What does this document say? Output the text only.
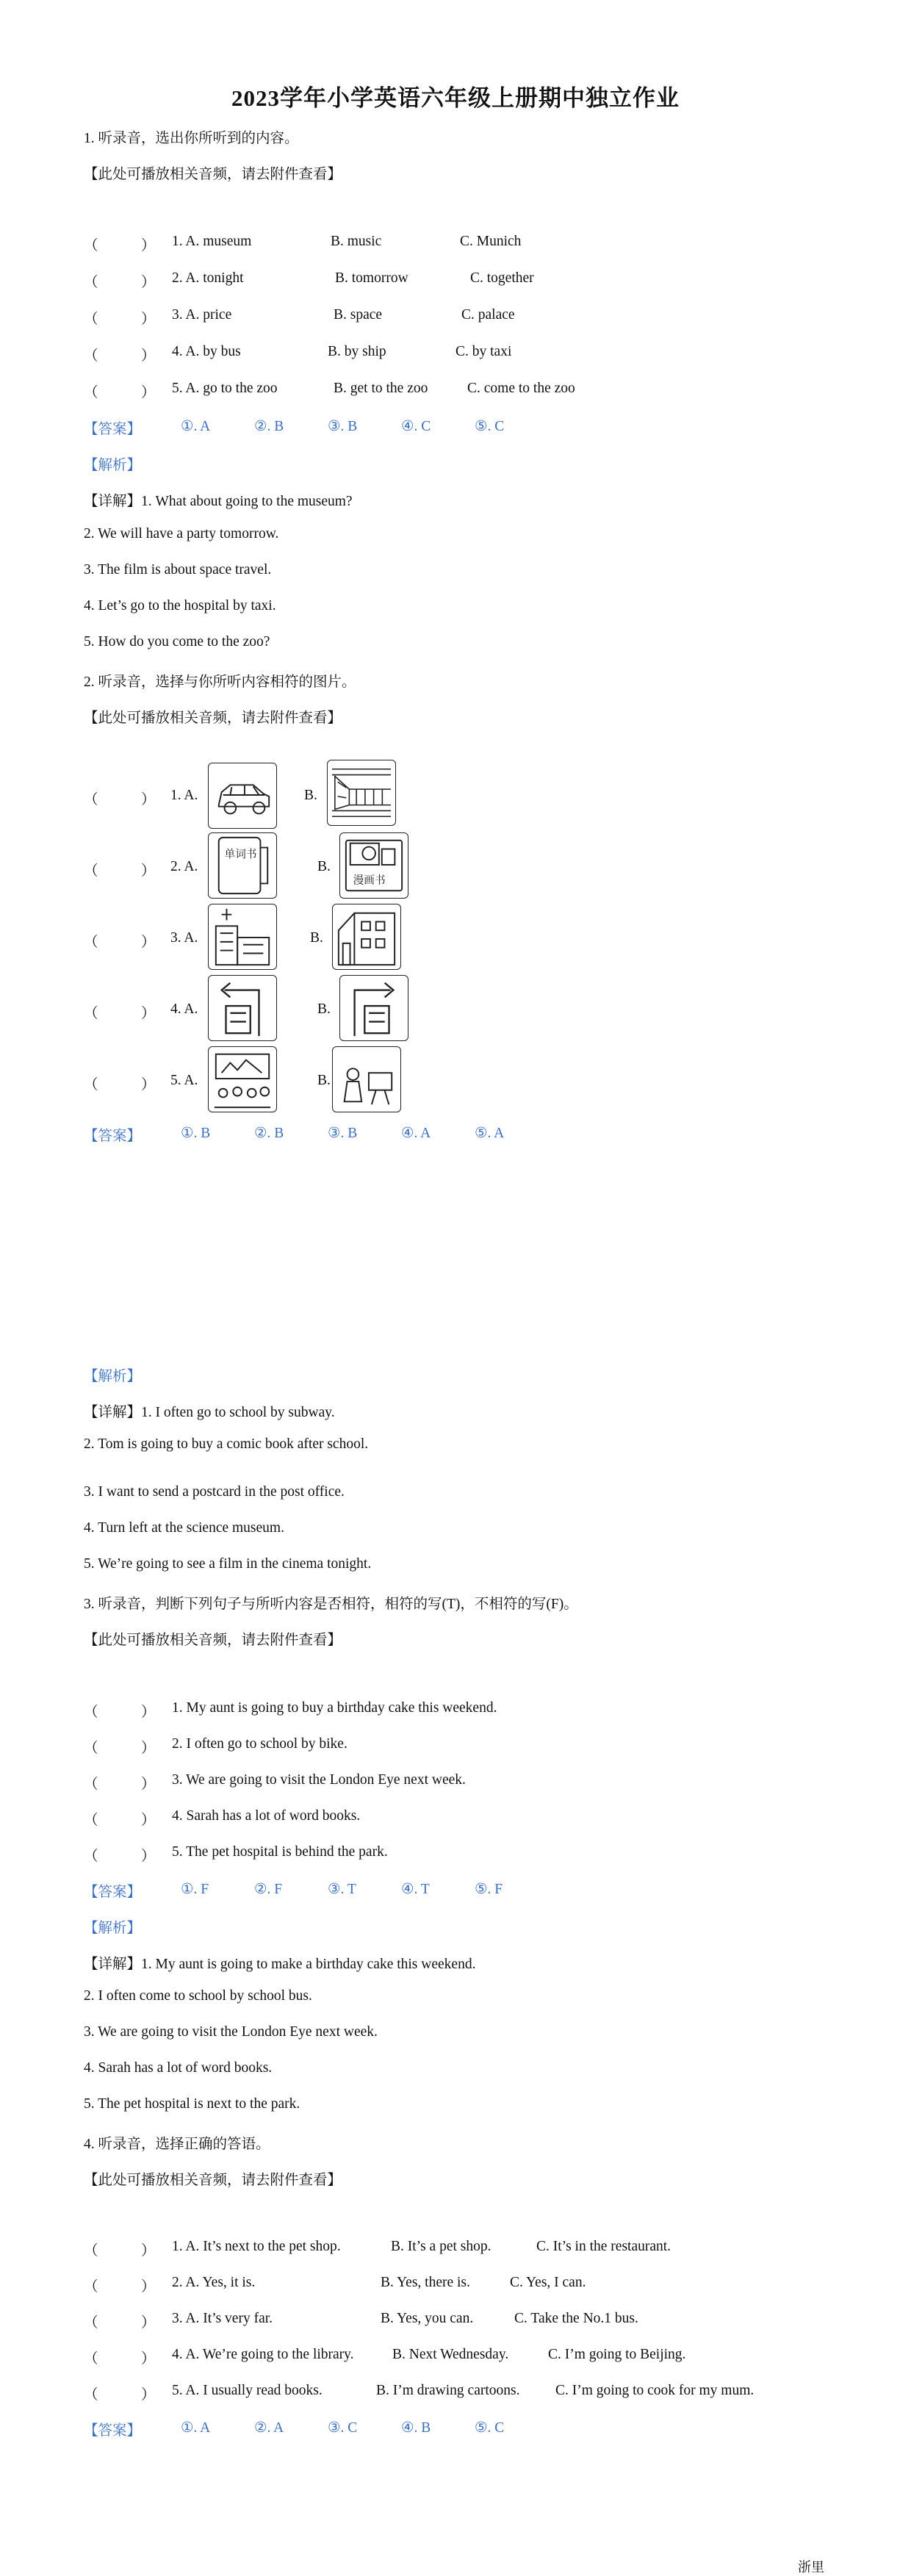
2023学年小学英语六年级上册期中独立作业
1. 听录音，选出你所听到的内容。
【此处可播放相关音频，请去附件查看】
（　　　） 1. A. museum	B. music	C. Munich
（　　　） 2. A. tonight	B. tomorrow	C. together
（　　　） 3. A. price	B. space	C. palace
（　　　） 4. A. by bus	B. by ship	C. by taxi
（　　　） 5. A. go to the zoo	B. get to the zoo	C. come to the zoo
【答案】	①. A	②. B	③. B	④. C	⑤. C
【解析】
【详解】1. What about going to the museum?
2. We will have a party tomorrow.
3. The film is about space travel.
4. Let’s go to the hospital by taxi.
5. How do you come to the zoo?
2. 听录音，选择与你所听内容相符的图片。
【此处可播放相关音频，请去附件查看】
（　　　） 1. A.	B.
（　　　） 2. A.	B.
单词书
漫画书
（　　　） 3. A.	B.
（　　　） 4. A.	B.
（　　　） 5. A.	B.
【答案】	①. B	②. B	③. B	④. A	⑤. A
【解析】
【详解】1. I often go to school by subway.
2. Tom is going to buy a comic book after school.
3. I want to send a postcard in the post office.
4. Turn left at the science museum.
5. We’re going to see a film in the cinema tonight.
3. 听录音，判断下列句子与所听内容是否相符，相符的写(T)，不相符的写(F)。
【此处可播放相关音频，请去附件查看】
（　　　） 1. My aunt is going to buy a birthday cake this weekend.
（　　　） 2. I often go to school by bike.
（　　　） 3. We are going to visit the London Eye next week.
（　　　） 4. Sarah has a lot of word books.
（　　　） 5. The pet hospital is behind the park.
【答案】	①. F	②. F	③. T	④. T	⑤. F
【解析】
【详解】1. My aunt is going to make a birthday cake this weekend.
2. I often come to school by school bus.
3. We are going to visit the London Eye next week.
4. Sarah has a lot of word books.
5. The pet hospital is next to the park.
4. 听录音，选择正确的答语。
【此处可播放相关音频，请去附件查看】
（　　　） 1. A. It’s next to the pet shop.	B. It’s a pet shop.	C. It’s in the restaurant.
（　　　） 2. A. Yes, it is.	B. Yes, there is.	C. Yes, I can.
（　　　） 3. A. It’s very far.	B. Yes, you can.	C. Take the No.1 bus.
（　　　） 4. A. We’re going to the library.	B. Next Wednesday.	C. I’m going to Beijing.
（　　　） 5. A. I usually read books.	B. I’m drawing cartoons. C. I’m going to cook for my mum.
【答案】	①. A	②. A	③. C	④. B	⑤. C
浙里
